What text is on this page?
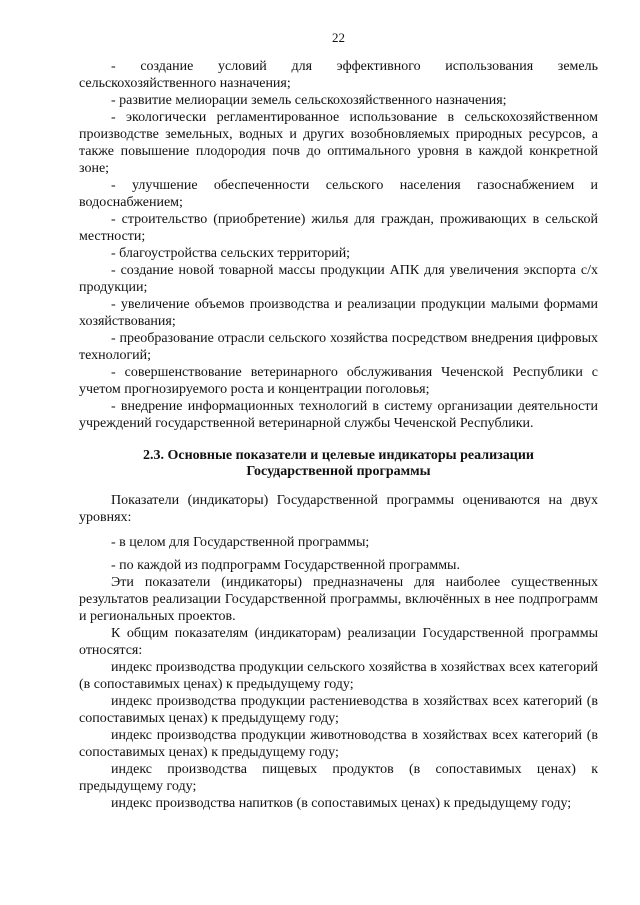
22

- создание условий для эффективного использования земель сельскохозяйственного назначения;

- развитие мелиорации земель сельскохозяйственного назначения;

- экологически регламентированное использование в сельскохозяйственном производстве земельных, водных и других возобновляемых природных ресурсов, а также повышение плодородия почв до оптимального уровня в каждой конкретной зоне;

- улучшение обеспеченности сельского населения газоснабжением и водоснабжением;

- строительство (приобретение) жилья для граждан, проживающих в сельской местности;

- благоустройства сельских территорий;

- создание новой товарной массы продукции АПК для увеличения экспорта с/х продукции;

- увеличение объемов производства и реализации продукции малыми формами хозяйствования;

- преобразование отрасли сельского хозяйства посредством внедрения цифровых технологий;

- совершенствование ветеринарного обслуживания Чеченской Республики с учетом прогнозируемого роста и концентрации поголовья;

- внедрение информационных технологий в систему организации деятельности учреждений государственной ветеринарной службы Чеченской Республики.

2.3. Основные показатели и целевые индикаторы реализации
Государственной программы

Показатели (индикаторы) Государственной программы оцениваются на двух уровнях:

- в целом для Государственной программы;

- по каждой из подпрограмм Государственной программы.

Эти показатели (индикаторы) предназначены для наиболее существенных результатов реализации Государственной программы, включённых в нее подпрограмм и региональных проектов.

К общим показателям (индикаторам) реализации Государственной программы относятся:

индекс производства продукции сельского хозяйства в хозяйствах всех категорий (в сопоставимых ценах) к предыдущему году;

индекс производства продукции растениеводства в хозяйствах всех категорий (в сопоставимых ценах) к предыдущему году;

индекс производства продукции животноводства в хозяйствах всех категорий (в сопоставимых ценах) к предыдущему году;

индекс производства пищевых продуктов (в сопоставимых ценах) к предыдущему году;

индекс производства напитков (в сопоставимых ценах) к предыдущему году;
